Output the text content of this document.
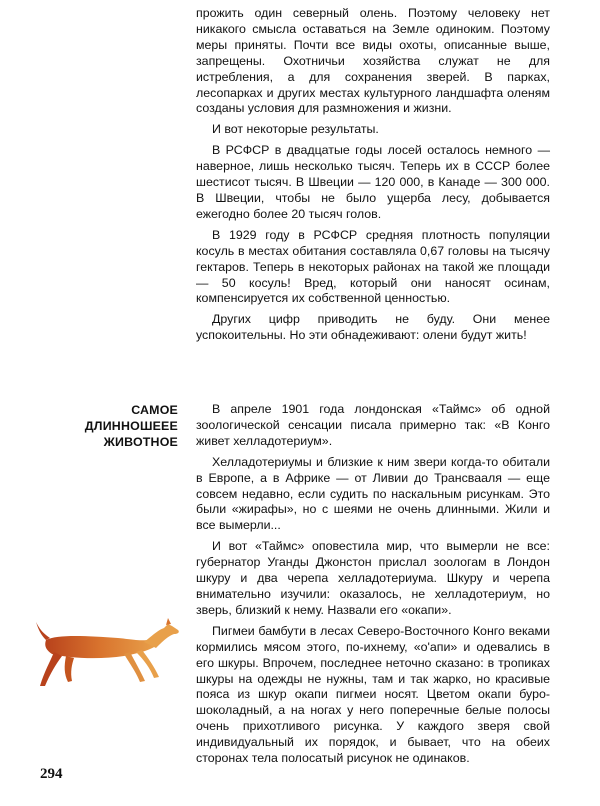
прожить один северный олень. Поэтому человеку нет никакого смысла оставаться на Земле одиноким. Поэтому меры приняты. Почти все виды охоты, описанные выше, запрещены. Охотничьи хозяйства служат не для истребления, а для сохранения зверей. В парках, лесопарках и других местах культурного ландшафта оленям созданы условия для размножения и жизни.

И вот некоторые результаты.

В РСФСР в двадцатые годы лосей осталось немного — наверное, лишь несколько тысяч. Теперь их в СССР более шестисот тысяч. В Швеции — 120 000, в Канаде — 300 000. В Швеции, чтобы не было ущерба лесу, добывается ежегодно более 20 тысяч голов.

В 1929 году в РСФСР средняя плотность популяции косуль в местах обитания составляла 0,67 головы на тысячу гектаров. Теперь в некоторых районах на такой же площади — 50 косуль! Вред, который они наносят осинам, компенсируется их собственной ценностью.

Других цифр приводить не буду. Они менее успокоительны. Но эти обнадеживают: олени будут жить!

САМОЕ
ДЛИННОШЕЕЕ
ЖИВОТНОЕ

В апреле 1901 года лондонская «Таймс» об одной зоологической сенсации писала примерно так: «В Конго живет хелладотериум».

Хелладотериумы и близкие к ним звери когда-то обитали в Европе, а в Африке — от Ливии до Трансвааля — еще совсем недавно, если судить по наскальным рисункам. Это были «жирафы», но с шеями не очень длинными. Жили и все вымерли...

И вот «Таймс» оповестила мир, что вымерли не все: губернатор Уганды Джонстон прислал зоологам в Лондон шкуру и два черепа хелладотериума. Шкуру и черепа внимательно изучили: оказалось, не хелладотериум, но зверь, близкий к нему. Назвали его «окапи».

Пигмеи бамбути в лесах Северо-Восточного Конго веками кормились мясом этого, по-ихнему, «о'апи» и одевались в его шкуры. Впрочем, последнее неточно сказано: в тропиках шкуры на одежды не нужны, там и так жарко, но красивые пояса из шкур окапи пигмеи носят. Цветом окапи буро-шоколадный, а на ногах у него поперечные белые полосы очень прихотливого рисунка. У каждого зверя свой индивидуальный их порядок, и бывает, что на обеих сторонах тела полосатый рисунок не одинаков.

294
